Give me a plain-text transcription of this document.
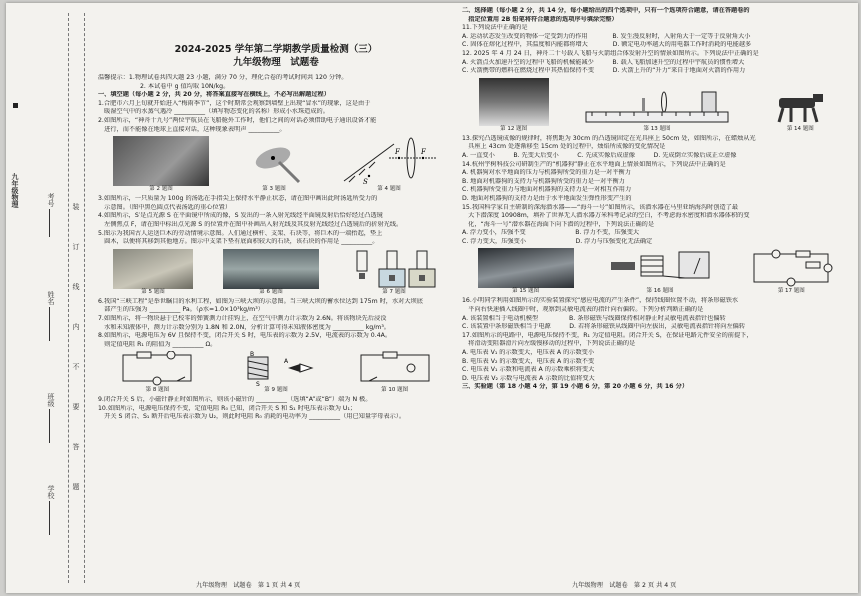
九年级物理	考号
姓名
班级
学校
装
订
线
内
不
要
答
题

2024-2025 学年第二学期教学质量检测（三）

九年级物理　试题卷

温馨提示：1.物理试卷共四大题 23 小题，满分 70 分，理化合卷的考试时间共 120 分钟。

2. 本试卷中 g 值均取 10N/kg。

一、填空题（每小题 2 分，共 20 分，将答案直接写在横线上，不必写出解题过程）

1.合肥市六月上旬就开始进入“梅雨季节”，这个时期常会观察到墙壁上出现“冒水”的现象，这是由于

　暖湿空气中的水蒸气遇冷 __________（填写物态变化的名称）形成小水珠造成的。

2.如图所示，“神舟十九号”两位宇航员在飞船舱外工作时，他们之间的对话必须借助电子通讯设备才能

　进行，而不能像在地球上直接对话，这种现象表明声 __________。

第 2 题图	第 3 题图
F	F
S
第 4 题图

3.如图所示，一只质量为 100g 的汤匙在手指尖上保持水平静止状态，请在图中画出此时汤匙所受力的

　示意图。（图中黑色圆点代表汤匙的重心位置）

4.如图所示，S′是点光源 S 在平面镜中所成的像，S 发出的一条入射光线经平面镜反射后恰好经过凸透镜

　左侧焦点 F，请在图中标出点光源 S 的位置并在图中补画出入射光线及其反射光线经过凸透镜后的折射光线。

5.图示为我国古人运送巨木的劳动情境示意图。人们通过横杆、支架、石块等，将巨木的一端抬起，垫上

　圆木，以便将其移到其他地方。图示中支架下垫有底面积较大的石块，该石块的作用是 __________。

第 5 题图	第 6 题图	第 7 题图

6.我国“三峡工程”是举世瞩目的水利工程，如图为三峡大坝的示意图。当三峡大坝的蓄水位达到 175m 时，水对大坝底

　部产生的压强为 __________ Pa。（ρ水=1.0×10³kg/m³）

7.如图所示，将一物块悬于已校零的弹簧测力计挂钩上，在空气中测力计示数为 2.6N。将该物块先后浸没

　水和未知液体中，测力计示数分别为 1.8N 和 2.0N，分析计算可得未知液体密度为 __________ kg/m³。

8.如图所示，电源电压为 6V 且保持不变，闭合开关 S 时，电压表的示数为 2.5V，电流表的示数为 0.4A。

　则定值电阻 R₁ 的阻值为 __________ Ω。

第 8 题图
B
A
S
第 9 题图	第 10 题图

9.闭合开关 S 后，小磁针静止时如图所示，则该小磁针的 __________（选填“A”或“B”）端为 N 极。

10.如图所示，电源电压保持不变，定值电阻 R₀ 已知，闭合开关 S 和 S₁ 时电压表示数为 U₁；

　开关 S 闭合、S₁ 断开后电压表示数为 U₂，则此时电阻 R₀ 消耗的电功率为 __________（用已知量字母表示）。

九年级物理　试题卷　第 1 页 共 4 页

二、选择题（每小题 2 分，共 14 分，每小题给出的四个选项中，只有一个选项符合题意，请在答题卷的

　指定位置用 2B 铅笔将符合题意的选项序号填涂完整）

11.下列说法中正确的是

A. 运动状态发生改变的物体一定受到力的作用　　　　B. 发生漫反射时，入射角大于一定等于反射角大小

C. 固体在熔化过程中，其温度和内能都将增大　　　　D. 额定电功率越大的用电器工作时消耗的电能越多

12. 2025 年 4 月 24 日，神舟二十号载人飞船与火箭组合体发射升空的情景如图所示。下列说法中正确的是

A. 火箭点火加速升空的过程中飞船的机械能减少　　　B. 载人飞船加速升空的过程中宇航员的惯性增大

C. 火箭携带的燃料在燃烧过程中其热值保持不变　　　D. 火箭上升的“升力”来自于地面对火箭的作用力

第 12 题图	第 13 题图	第 14 题图

13.探究凸透镜成像的规律时，将焦距为 30cm 的凸透镜固定在光具座上 50cm 处，如图所示，在蜡烛从光

　具座上 43cm 处逐渐移至 15cm 处的过程中，烛焰所成像的变化情况是

A. 一直变小　　　B. 先变大后变小　　　C. 先成实像后成虚像　　　D. 先成倒立实像后成正立虚像

14.杭州宇树科技公司研制生产的“机器狗”静止在水平地面上情景如图所示，下列说法中正确的是

A. 机器狗对水平地面的压力与机器狗所受的重力是一对平衡力

B. 地面对机器狗的支持力与机器狗所受的重力是一对平衡力

C. 机器狗所受重力与地面对机器狗的支持力是一对相互作用力

D. 地面对机器狗的支持力是由于水平地面发生弹性形变产生的

15.我国科学家自主研制的深海潜水器——“海斗一号”如图所示，该潜水器在马里亚纳海沟时创造了最

　大下潜深度 10908m，填补了世界无人潜水器万米科考记录的空白，不考虑海水密度和潜水器体积的变

　化，“海斗一号”潜水器在海面下向下潜的过程中，下列说法正确的是

A. 浮力变小，压强不变　　　　　　　　B. 浮力不变，压强变大

C. 浮力变大，压强变小　　　　　　　　D. 浮力与压强变化无法确定

第 15 题图	第 16 题图	第 17 题图

16.小明同学利用如图所示的实验装置探究“感应电流的产生条件”，保持线圈位置不动，将条形磁铁水

　平向右快速插入线圈中时，观察到灵敏电流表的指针向右偏转。下列分析判断正确的是

A. 该装置相当于电动机模型　　　　　B. 条形磁铁与线圈保持相对静止时灵敏电流表指针也偏转

C. 该装置中条形磁铁相当于电源　　　D. 若将条形磁铁从线圈中向左拔出，灵敏电流表指针将向左偏转

17.如图所示的电路中，电源电压保持不变，R₁ 为定值电阻。闭合开关 S，在保证电路元件安全的前提下，

　将滑动变阻器滑片向左缓慢移动的过程中，下列说法正确的是

A. 电压表 V₁ 的示数变大，电压表 A 的示数变小

B. 电压表 V₂ 的示数变大，电压表 A 的示数不变

C. 电压表 V₁ 示数和电流表 A 的示数乘积将变大

D. 电压表 V₂ 示数与电流表 A 示数的比值将变大

三、实验题（第 18 小题 4 分，第 19 小题 6 分，第 20 小题 6 分，共 16 分）

九年级物理　试题卷　第 2 页 共 4 页
